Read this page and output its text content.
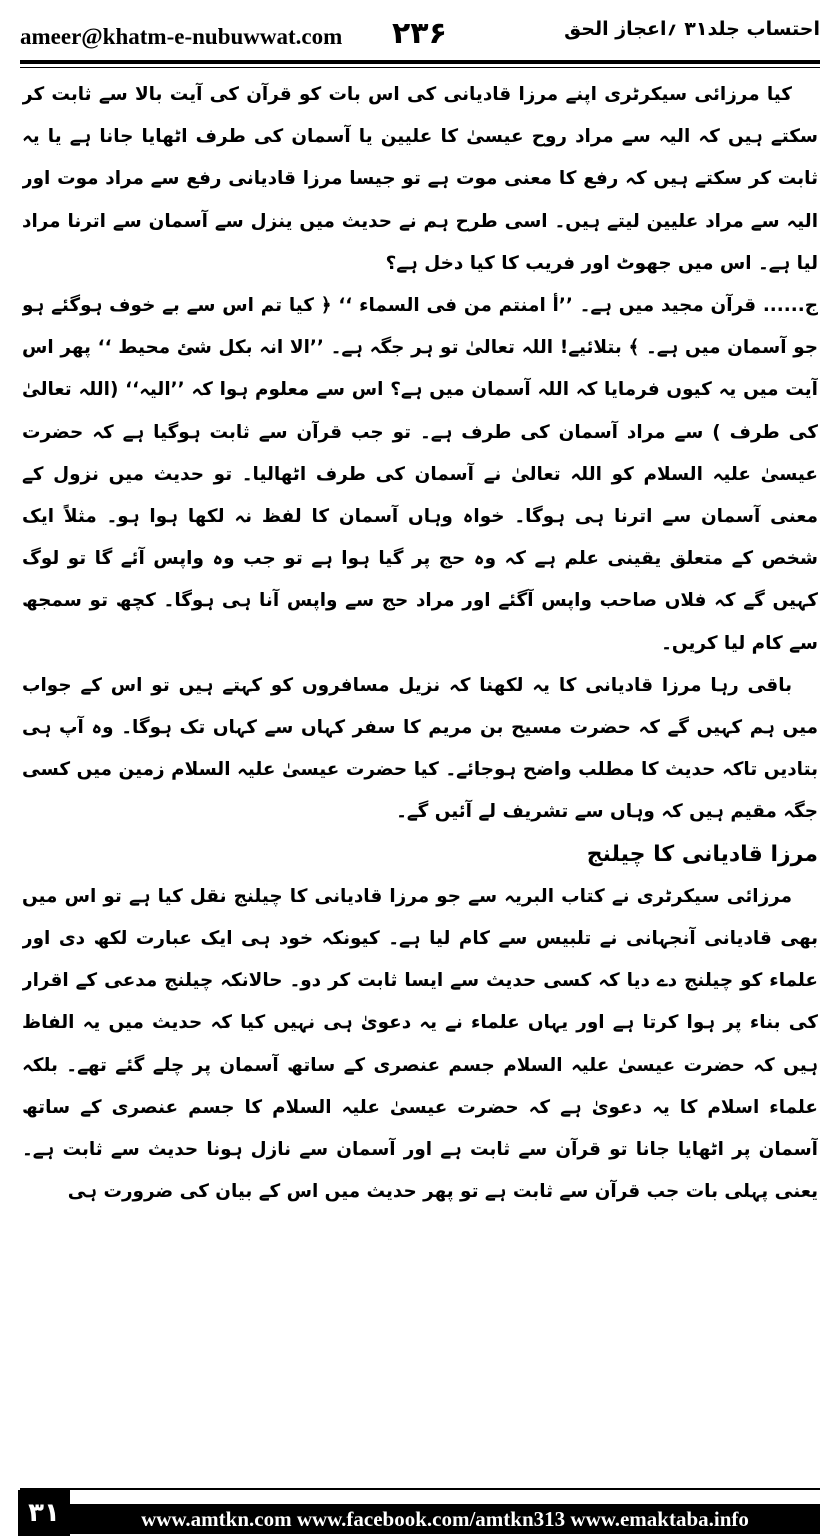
ameer@khatm-e-nubuwwat.com ۲۳۶	احتساب جلد۳۱ ؍اعجاز الحق

کیا مرزائی سیکرٹری اپنے مرزا قادیانی کی اس بات کو قرآن کی آیت بالا سے ثابت کر سکتے ہیں کہ الیہ سے مراد روح عیسیٰ کا علیین یا آسمان کی طرف اٹھایا جانا ہے یا یہ ثابت کر سکتے ہیں کہ رفع کا معنی موت ہے تو جیسا مرزا قادیانی رفع سے مراد موت اور الیہ سے مراد علیین لیتے ہیں۔ اسی طرح ہم نے حدیث میں ینزل سے آسمان سے اترنا مراد لیا ہے۔ اس میں جھوٹ اور فریب کا کیا دخل ہے؟

ج...... قرآن مجید میں ہے۔ ’’أ امنتم من فی السماء ‘‘ ﴿ کیا تم اس سے بے خوف ہوگئے ہو جو آسمان میں ہے۔ ﴾ بتلائیے! اللہ تعالیٰ تو ہر جگہ ہے۔ ’’الا انہ بکل شئ محیط ‘‘ پھر اس آیت میں یہ کیوں فرمایا کہ اللہ آسمان میں ہے؟ اس سے معلوم ہوا کہ ’’الیہ‘‘ (اللہ تعالیٰ کی طرف ) سے مراد آسمان کی طرف ہے۔ تو جب قرآن سے ثابت ہوگیا ہے کہ حضرت عیسیٰ علیہ السلام کو اللہ تعالیٰ نے آسمان کی طرف اٹھالیا۔ تو حدیث میں نزول کے معنی آسمان سے اترنا ہی ہوگا۔ خواہ وہاں آسمان کا لفظ نہ لکھا ہوا ہو۔ مثلاً ایک شخص کے متعلق یقینی علم ہے کہ وہ حج پر گیا ہوا ہے تو جب وہ واپس آئے گا تو لوگ کہیں گے کہ فلاں صاحب واپس آگئے اور مراد حج سے واپس آنا ہی ہوگا۔ کچھ تو سمجھ سے کام لیا کریں۔

باقی رہا مرزا قادیانی کا یہ لکھنا کہ نزیل مسافروں کو کہتے ہیں تو اس کے جواب میں ہم کہیں گے کہ حضرت مسیح بن مریم کا سفر کہاں سے کہاں تک ہوگا۔ وہ آپ ہی بتادیں تاکہ حدیث کا مطلب واضح ہوجائے۔ کیا حضرت عیسیٰ علیہ السلام زمین میں کسی جگہ مقیم ہیں کہ وہاں سے تشریف لے آئیں گے۔

مرزا قادیانی کا چیلنج

مرزائی سیکرٹری نے کتاب البریہ سے جو مرزا قادیانی کا چیلنج نقل کیا ہے تو اس میں بھی قادیانی آنجہانی نے تلبیس سے کام لیا ہے۔ کیونکہ خود ہی ایک عبارت لکھ دی اور علماء کو چیلنج دے دیا کہ کسی حدیث سے ایسا ثابت کر دو۔ حالانکہ چیلنج مدعی کے اقرار کی بناء پر ہوا کرتا ہے اور یہاں علماء نے یہ دعویٰ ہی نہیں کیا کہ حدیث میں یہ الفاظ ہیں کہ حضرت عیسیٰ علیہ السلام جسم عنصری کے ساتھ آسمان پر چلے گئے تھے۔ بلکہ علماء اسلام کا یہ دعویٰ ہے کہ حضرت عیسیٰ علیہ السلام کا جسم عنصری کے ساتھ آسمان پر اٹھایا جانا تو قرآن سے ثابت ہے اور آسمان سے نازل ہونا حدیث سے ثابت ہے۔ یعنی پہلی بات جب قرآن سے ثابت ہے تو پھر حدیث میں اس کے بیان کی ضرورت ہی

۳۱	www.amtkn.com www.facebook.com/amtkn313 www.emaktaba.info
